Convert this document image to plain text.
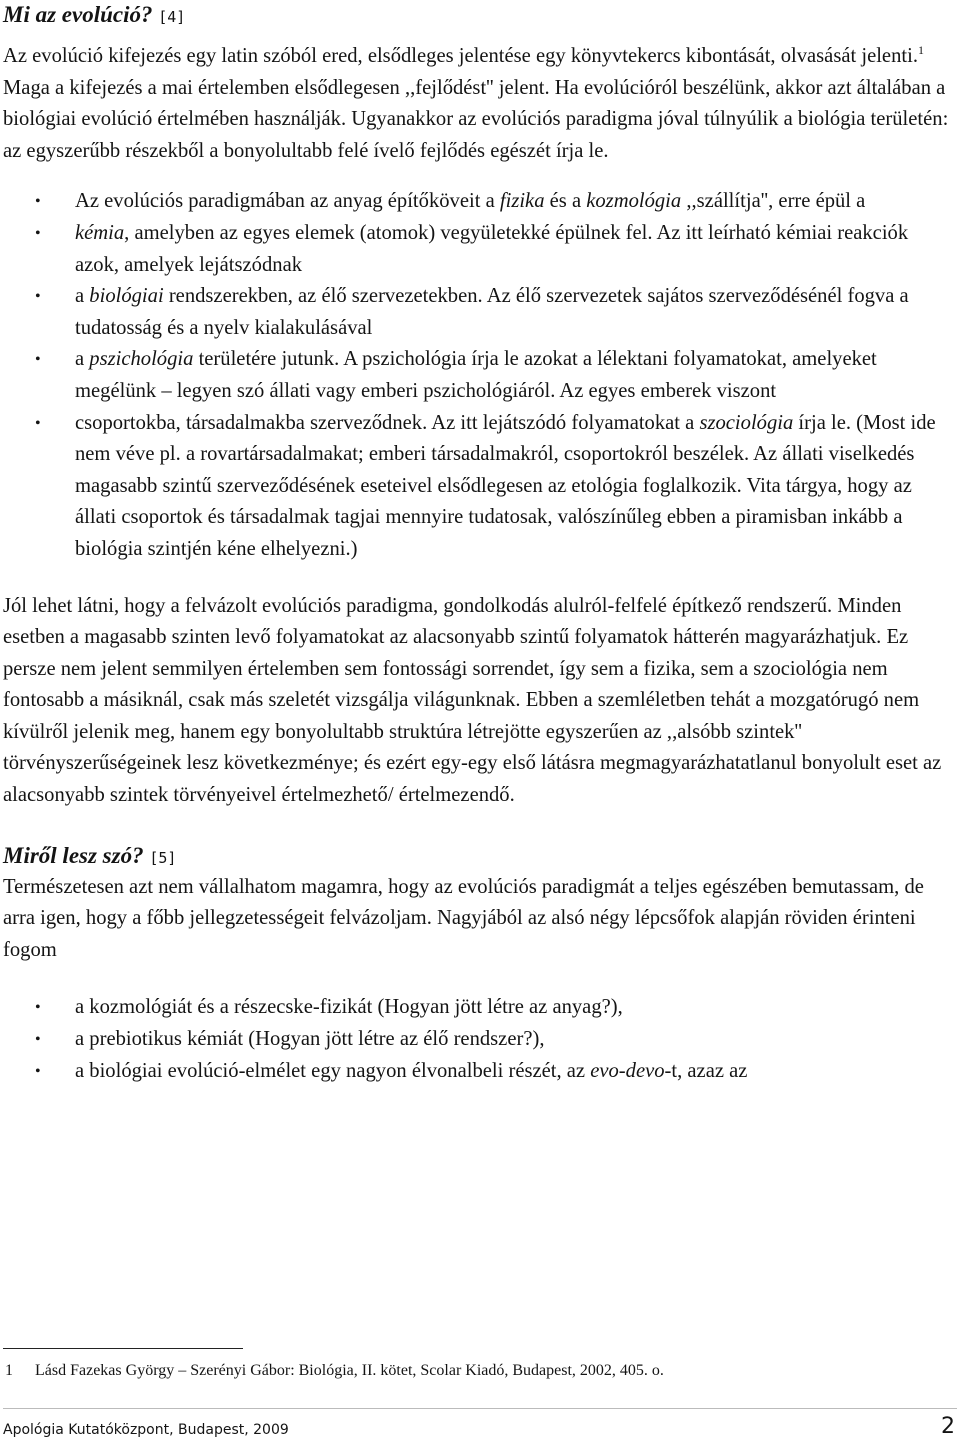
Mi az evolúció? [4]

Az evolúció kifejezés egy latin szóból ered, elsődleges jelentése egy könyvtekercs kibontását, olvasását jelenti.$^1$ Maga a kifejezés a mai értelemben elsődlegesen ,,fejlődést'' jelent. Ha evolúcióról beszélünk, akkor azt általában a biológiai evolúció értelmében használják. Ugyanakkor az evolúciós paradigma jóval túlnyúlik a biológia területén: az egyszerűbb részekből a bonyolultabb felé ívelő fejlődés egészét írja le.

• Az evolúciós paradigmában az anyag építőköveit a fizika és a kozmológia ,,szállítja'', erre épül a
• kémia, amelyben az egyes elemek (atomok) vegyületekké épülnek fel. Az itt leírható kémiai reakciók azok, amelyek lejátszódnak
• a biológiai rendszerekben, az élő szervezetekben. Az élő szervezetek sajátos szerveződésénél fogva a tudatosság és a nyelv kialakulásával
• a pszichológia területére jutunk. A pszichológia írja le azokat a lélektani folyamatokat, amelyeket megélünk – legyen szó állati vagy emberi pszichológiáról. Az egyes emberek viszont
• csoportokba, társadalmakba szerveződnek. Az itt lejátszódó folyamatokat a szociológia írja le. (Most ide nem véve pl. a rovartársadalmakat; emberi társadalmakról, csoportokról beszélek. Az állati viselkedés magasabb szintű szerveződésének eseteivel elsődlegesen az etológia foglalkozik. Vita tárgya, hogy az állati csoportok és társadalmak tagjai mennyire tudatosak, valószínűleg ebben a piramisban inkább a biológia szintjén kéne elhelyezni.)

Jól lehet látni, hogy a felvázolt evolúciós paradigma, gondolkodás alulról-felfelé építkező rendszerű. Minden esetben a magasabb szinten levő folyamatokat az alacsonyabb szintű folyamatok hátterén magyarázhatjuk. Ez persze nem jelent semmilyen értelemben sem fontossági sorrendet, így sem a fizika, sem a szociológia nem fontosabb a másiknál, csak más szeletét vizsgálja világunknak. Ebben a szemléletben tehát a mozgatórugó nem kívülről jelenik meg, hanem egy bonyolultabb struktúra létrejötte egyszerűen az ,,alsóbb szintek'' törvényszerűségeinek lesz következménye; és ezért egy-egy első látásra megmagyarázhatatlanul bonyolult eset az alacsonyabb szintek törvényeivel értelmezhető/ értelmezendő.

Miről lesz szó? [5]

Természetesen azt nem vállalhatom magamra, hogy az evolúciós paradigmát a teljes egészében bemutassam, de arra igen, hogy a főbb jellegzetességeit felvázoljam. Nagyjából az alsó négy lépcsőfok alapján röviden érinteni fogom

• a kozmológiát és a részecske-fizikát (Hogyan jött létre az anyag?),
• a prebiotikus kémiát (Hogyan jött létre az élő rendszer?),
• a biológiai evolúció-elmélet egy nagyon élvonalbeli részét, az evo-devo-t, azaz az
1 Lásd Fazekas György – Szerényi Gábor: Biológia, II. kötet, Scolar Kiadó, Budapest, 2002, 405. o.
Apológia Kutatóközpont, Budapest, 2009	2
